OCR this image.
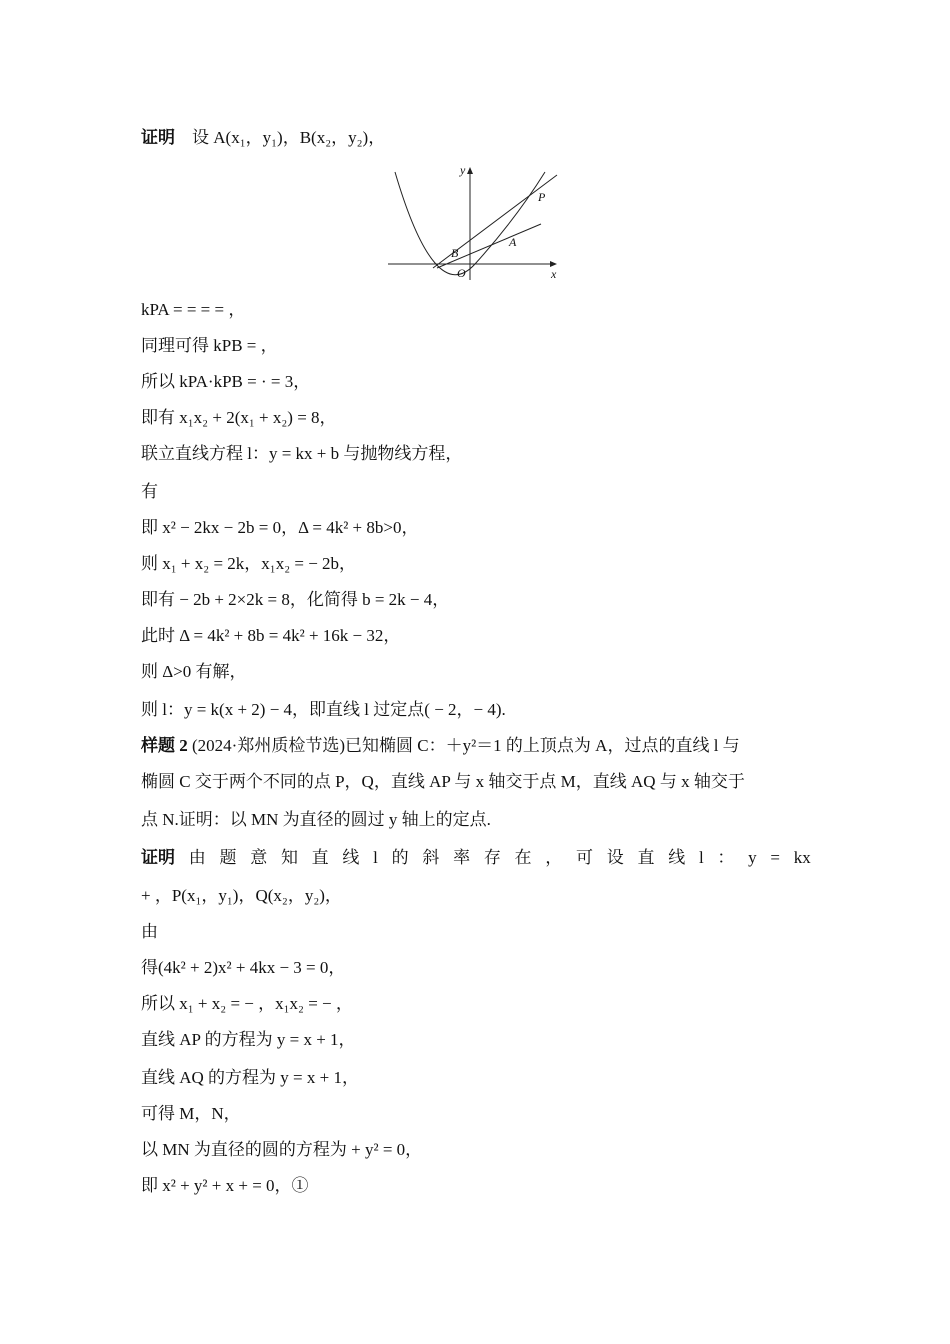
证明 设 A(x₁，y₁)，B(x₂，y₂)，
y
x
O
B
A
P
kPA = = = = ，
同理可得 kPB = ，
所以 kPA·kPB = · = 3，
即有 x₁x₂ + 2(x₁ + x₂) = 8，
联立直线方程 l：y = kx + b 与抛物线方程，
有
即 x² − 2kx − 2b = 0，Δ = 4k² + 8b>0，
则 x₁ + x₂ = 2k，x₁x₂ = − 2b，
即有 − 2b + 2×2k = 8，化简得 b = 2k − 4，
此时 Δ = 4k² + 8b = 4k² + 16k − 32，
则 Δ>0 有解，
则 l：y = k(x + 2) − 4，即直线 l 过定点( − 2，− 4).
样题 2 (2024·郑州质检节选)已知椭圆 C：＋y²＝1 的上顶点为 A，过点的直线 l 与
椭圆 C 交于两个不同的点 P，Q，直线 AP 与 x 轴交于点 M，直线 AQ 与 x 轴交于
点 N.证明：以 MN 为直径的圆过 y 轴上的定点.
证明 由 题 意 知 直 线 l 的 斜 率 存 在 ， 可 设 直 线 l ： y = kx
+ ，P(x₁，y₁)，Q(x₂，y₂)，
由
得(4k² + 2)x² + 4kx − 3 = 0，
所以 x₁ + x₂ = − ，x₁x₂ = − ，
直线 AP 的方程为 y = x + 1，
直线 AQ 的方程为 y = x + 1，
可得 M，N，
以 MN 为直径的圆的方程为 + y² = 0，
即 x² + y² + x + = 0，①
